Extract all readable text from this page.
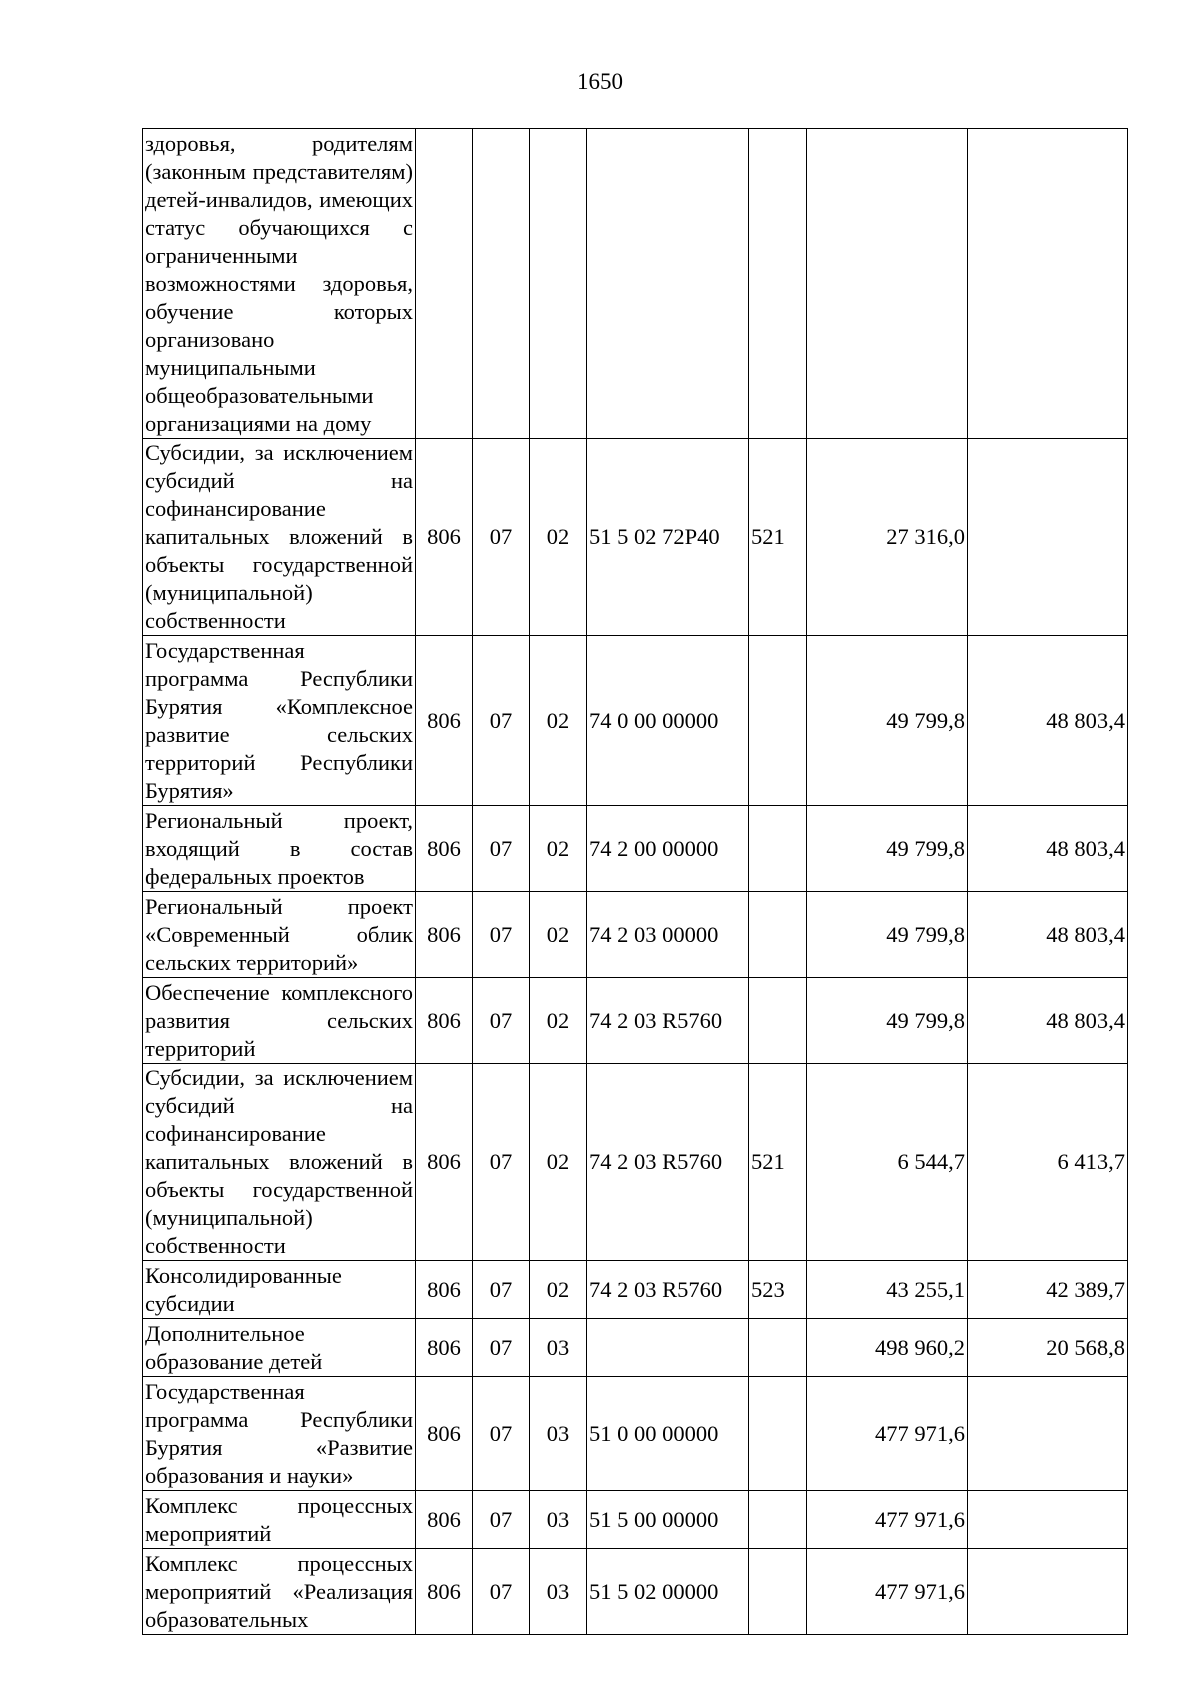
1650
здоровья, родителям (законным представителям) детей-инвалидов, имеющих статус обучающихся с ограниченными возможностями здоровья, обучение которых организовано муниципальными общеобразовательными организациями на дому							
Субсидии, за исключением субсидий на софинансирование капитальных вложений в объекты государственной (муниципальной) собственности	806	07	02	51 5 02 72Р40	521	27 316,0	
Государственная программа Республики Бурятия «Комплексное развитие сельских территорий Республики Бурятия»	806	07	02	74 0 00 00000		49 799,8	48 803,4
Региональный проект, входящий в состав федеральных проектов	806	07	02	74 2 00 00000		49 799,8	48 803,4
Региональный проект «Современный облик сельских территорий»	806	07	02	74 2 03 00000		49 799,8	48 803,4
Обеспечение комплексного развития сельских территорий	806	07	02	74 2 03 R5760		49 799,8	48 803,4
Субсидии, за исключением субсидий на софинансирование капитальных вложений в объекты государственной (муниципальной) собственности	806	07	02	74 2 03 R5760	521	6 544,7	6 413,7
Консолидированные субсидии	806	07	02	74 2 03 R5760	523	43 255,1	42 389,7
Дополнительное образование детей	806	07	03			498 960,2	20 568,8
Государственная программа Республики Бурятия «Развитие образования и науки»	806	07	03	51 0 00 00000		477 971,6	
Комплекс процессных мероприятий	806	07	03	51 5 00 00000		477 971,6	
Комплекс процессных мероприятий «Реализация образовательных	806	07	03	51 5 02 00000		477 971,6	
